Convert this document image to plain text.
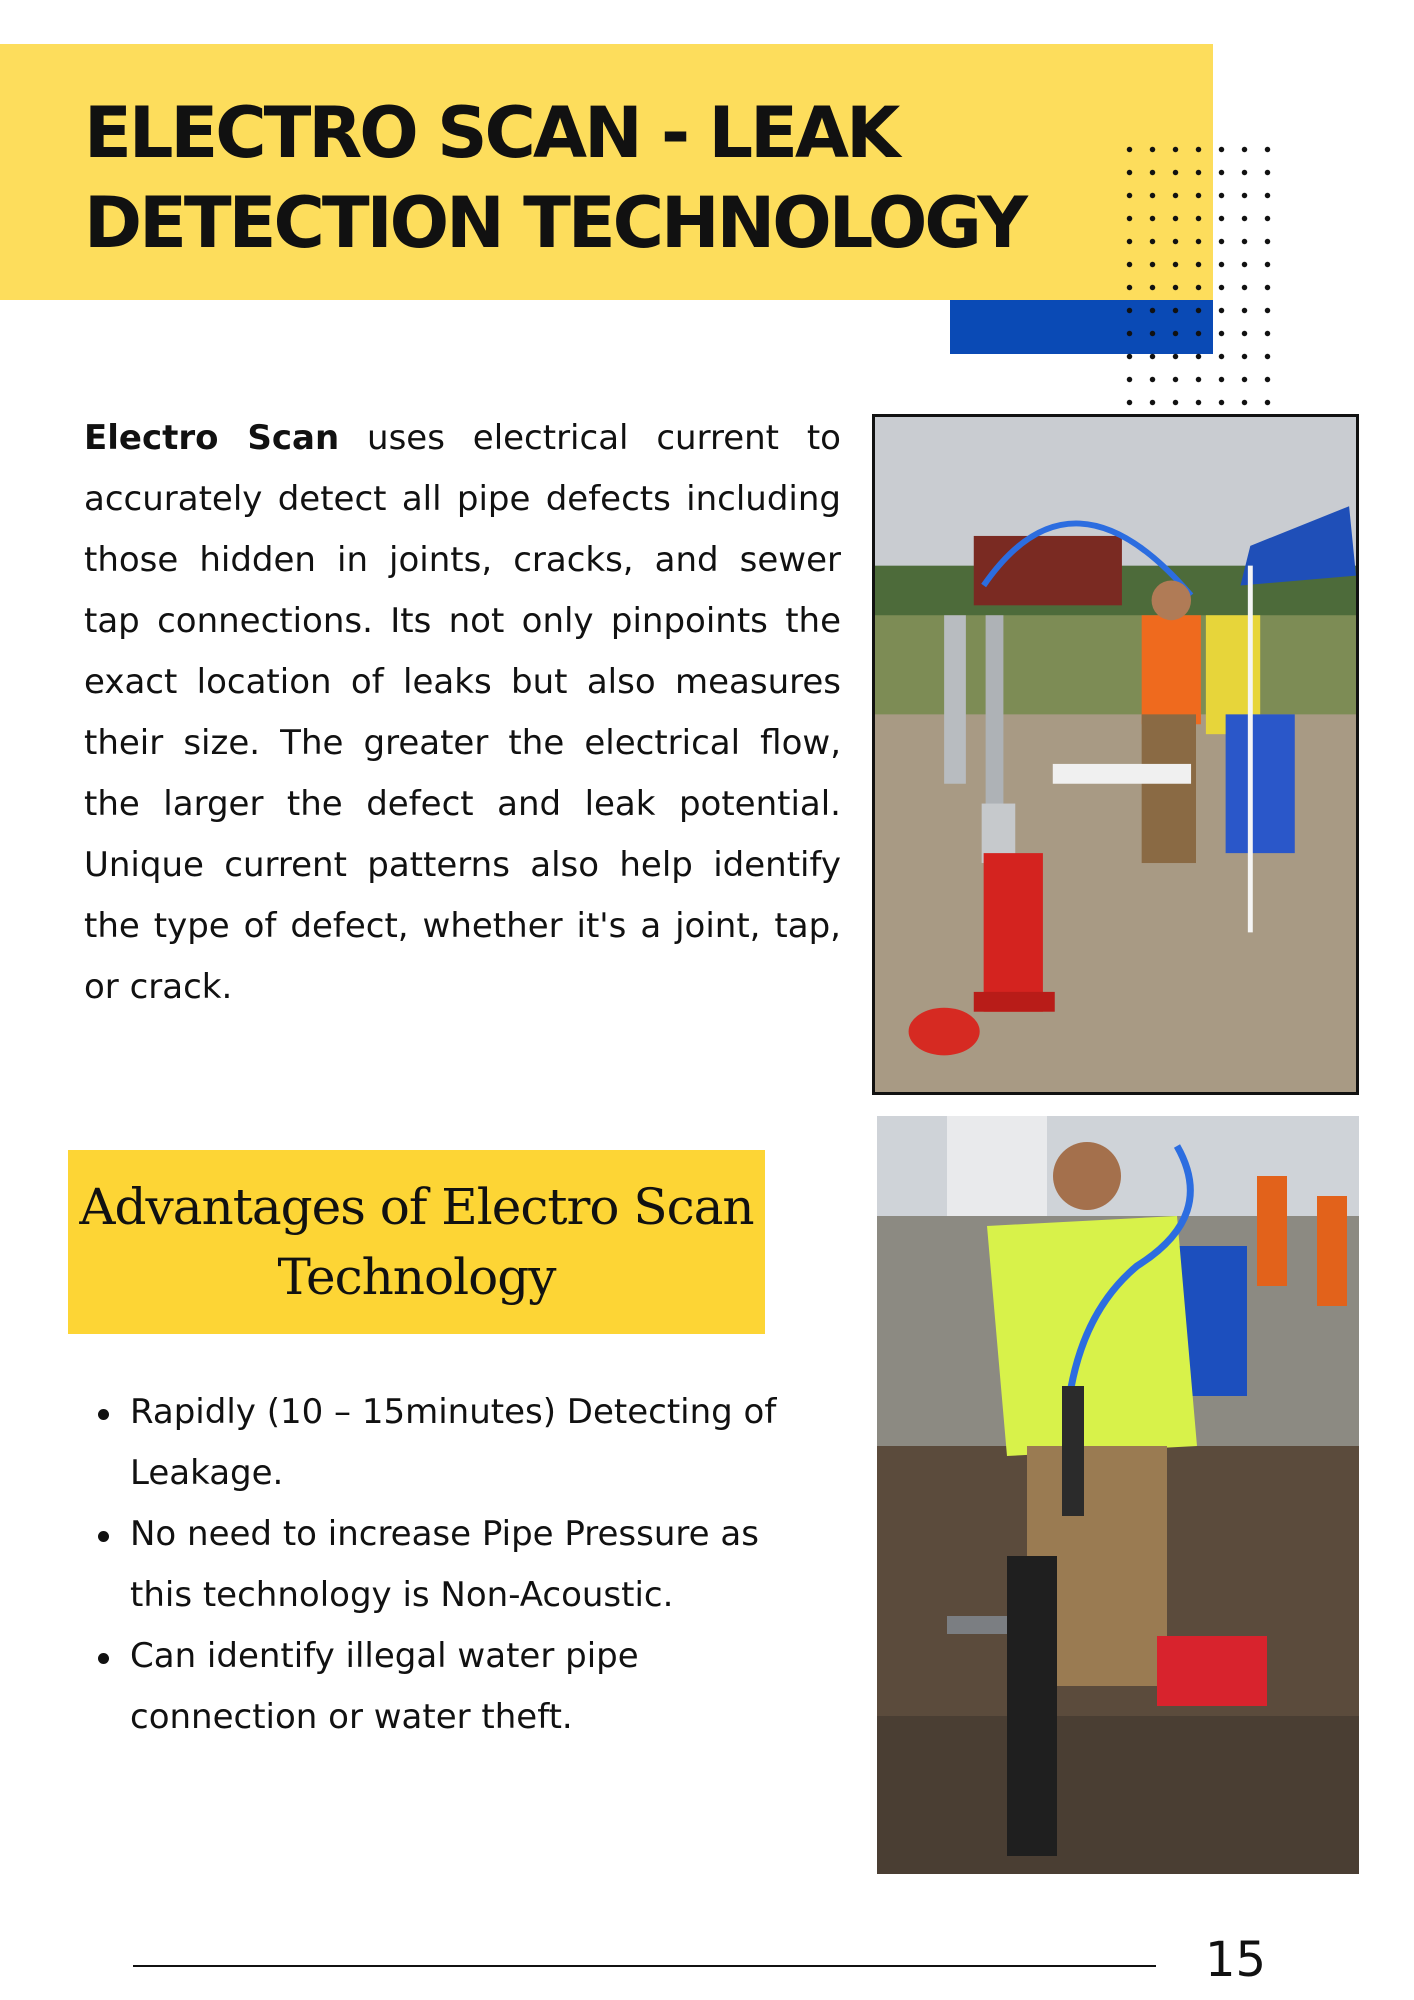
ELECTRO SCAN - LEAK DETECTION TECHNOLOGY

Electro Scan uses electrical current to accurately detect all pipe defects including those hidden in joints, cracks, and sewer tap connections. Its not only pinpoints the exact location of leaks but also measures their size. The greater the electrical flow, the larger the defect and leak potential. Unique current patterns also help identify the type of defect, whether it's a joint, tap, or crack.

Advantages of Electro Scan Technology
Rapidly (10 – 15minutes) Detecting of Leakage.
No need to increase Pipe Pressure as this technology is Non-Acoustic.
Can identify illegal water pipe connection or water theft.
15
